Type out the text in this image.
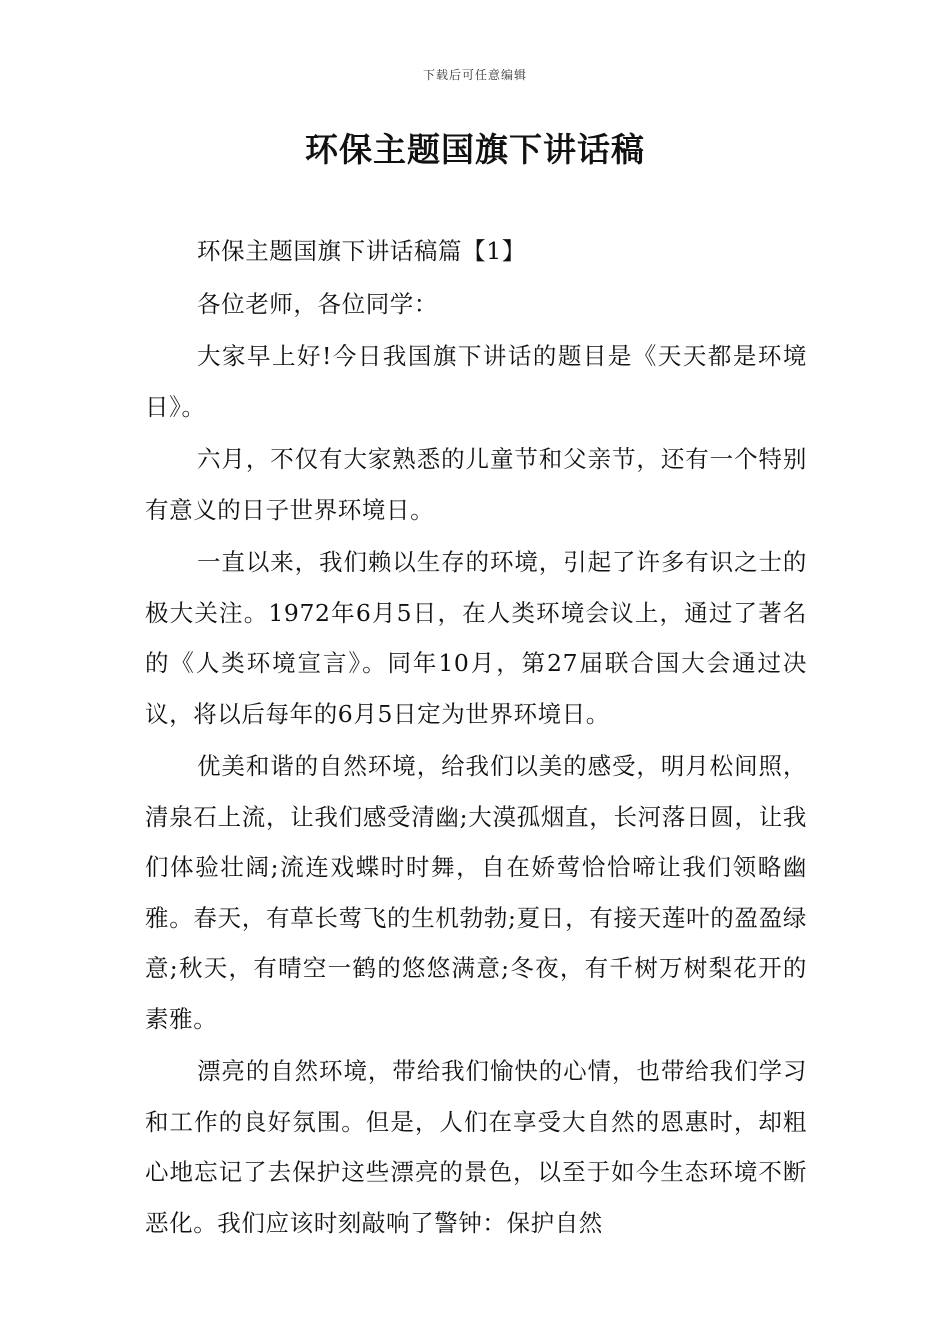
下载后可任意编辑
环保主题国旗下讲话稿

环保主题国旗下讲话稿篇【1】

各位老师，各位同学：

大家早上好!今日我国旗下讲话的题目是《天天都是环境日》。

六月，不仅有大家熟悉的儿童节和父亲节，还有一个特别有意义的日子世界环境日。

一直以来，我们赖以生存的环境，引起了许多有识之士的极大关注。1972年6月5日，在人类环境会议上，通过了著名的《人类环境宣言》。同年10月，第27届联合国大会通过决议，将以后每年的6月5日定为世界环境日。

优美和谐的自然环境，给我们以美的感受，明月松间照，清泉石上流，让我们感受清幽;大漠孤烟直，长河落日圆，让我们体验壮阔;流连戏蝶时时舞，自在娇莺恰恰啼让我们领略幽雅。春天，有草长莺飞的生机勃勃;夏日，有接天莲叶的盈盈绿意;秋天，有晴空一鹤的悠悠满意;冬夜，有千树万树梨花开的素雅。

漂亮的自然环境，带给我们愉快的心情，也带给我们学习和工作的良好氛围。但是，人们在享受大自然的恩惠时，却粗心地忘记了去保护这些漂亮的景色，以至于如今生态环境不断恶化。我们应该时刻敲响了警钟：保护自然
